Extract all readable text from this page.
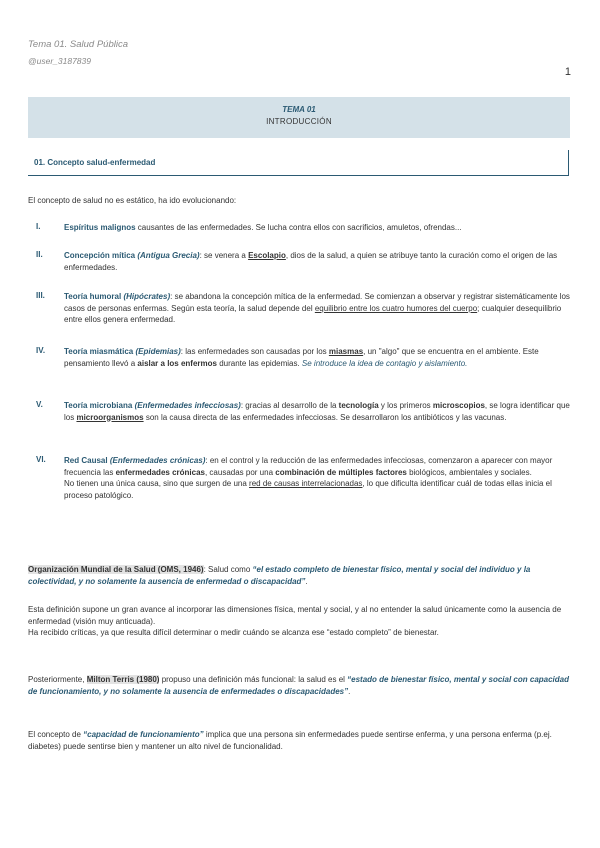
Tema 01. Salud Pública
@user_3187839
1
TEMA 01
INTRODUCCIÓN
01. Concepto salud-enfermedad
El concepto de salud no es estático, ha ido evolucionando:
I.	Espíritus malignos causantes de las enfermedades. Se lucha contra ellos con sacrificios, amuletos, ofrendas...
II.	Concepción mítica (Antigua Grecia): se venera a Escolapio, dios de la salud, a quien se atribuye tanto la curación como el origen de las enfermedades.
III. Teoría humoral (Hipócrates): se abandona la concepción mítica de la enfermedad. Se comienzan a observar y registrar sistemáticamente los casos de personas enfermas. Según esta teoría, la salud depende del equilibrio entre los cuatro humores del cuerpo; cualquier desequilibrio entre ellos genera enfermedad.
IV. Teoría miasmática (Epidemias): las enfermedades son causadas por los miasmas, un "algo" que se encuentra en el ambiente. Este pensamiento llevó a aislar a los enfermos durante las epidemias. Se introduce la idea de contagio y aislamiento.
V.	Teoría microbiana (Enfermedades infecciosas): gracias al desarrollo de la tecnología y los primeros microscopios, se logra identificar que los microorganismos son la causa directa de las enfermedades infecciosas. Se desarrollaron los antibióticos y las vacunas.
VI. Red Causal (Enfermedades crónicas): en el control y la reducción de las enfermedades infecciosas, comenzaron a aparecer con mayor frecuencia las enfermedades crónicas, causadas por una combinación de múltiples factores biológicos, ambientales y sociales.
No tienen una única causa, sino que surgen de una red de causas interrelacionadas, lo que dificulta identificar cuál de todas ellas inicia el proceso patológico.
Organización Mundial de la Salud (OMS, 1946): Salud como “el estado completo de bienestar físico, mental y social del individuo y la colectividad, y no solamente la ausencia de enfermedad o discapacidad”.
Esta definición supone un gran avance al incorporar las dimensiones física, mental y social, y al no entender la salud únicamente como la ausencia de enfermedad (visión muy anticuada).
Ha recibido críticas, ya que resulta difícil determinar o medir cuándo se alcanza ese “estado completo” de bienestar.
Posteriormente, Milton Terris (1980) propuso una definición más funcional: la salud es el “estado de bienestar físico, mental y social con capacidad de funcionamiento, y no solamente la ausencia de enfermedades o discapacidades”.
El concepto de “capacidad de funcionamiento” implica que una persona sin enfermedades puede sentirse enferma, y una persona enferma (p.ej. diabetes) puede sentirse bien y mantener un alto nivel de funcionalidad.
